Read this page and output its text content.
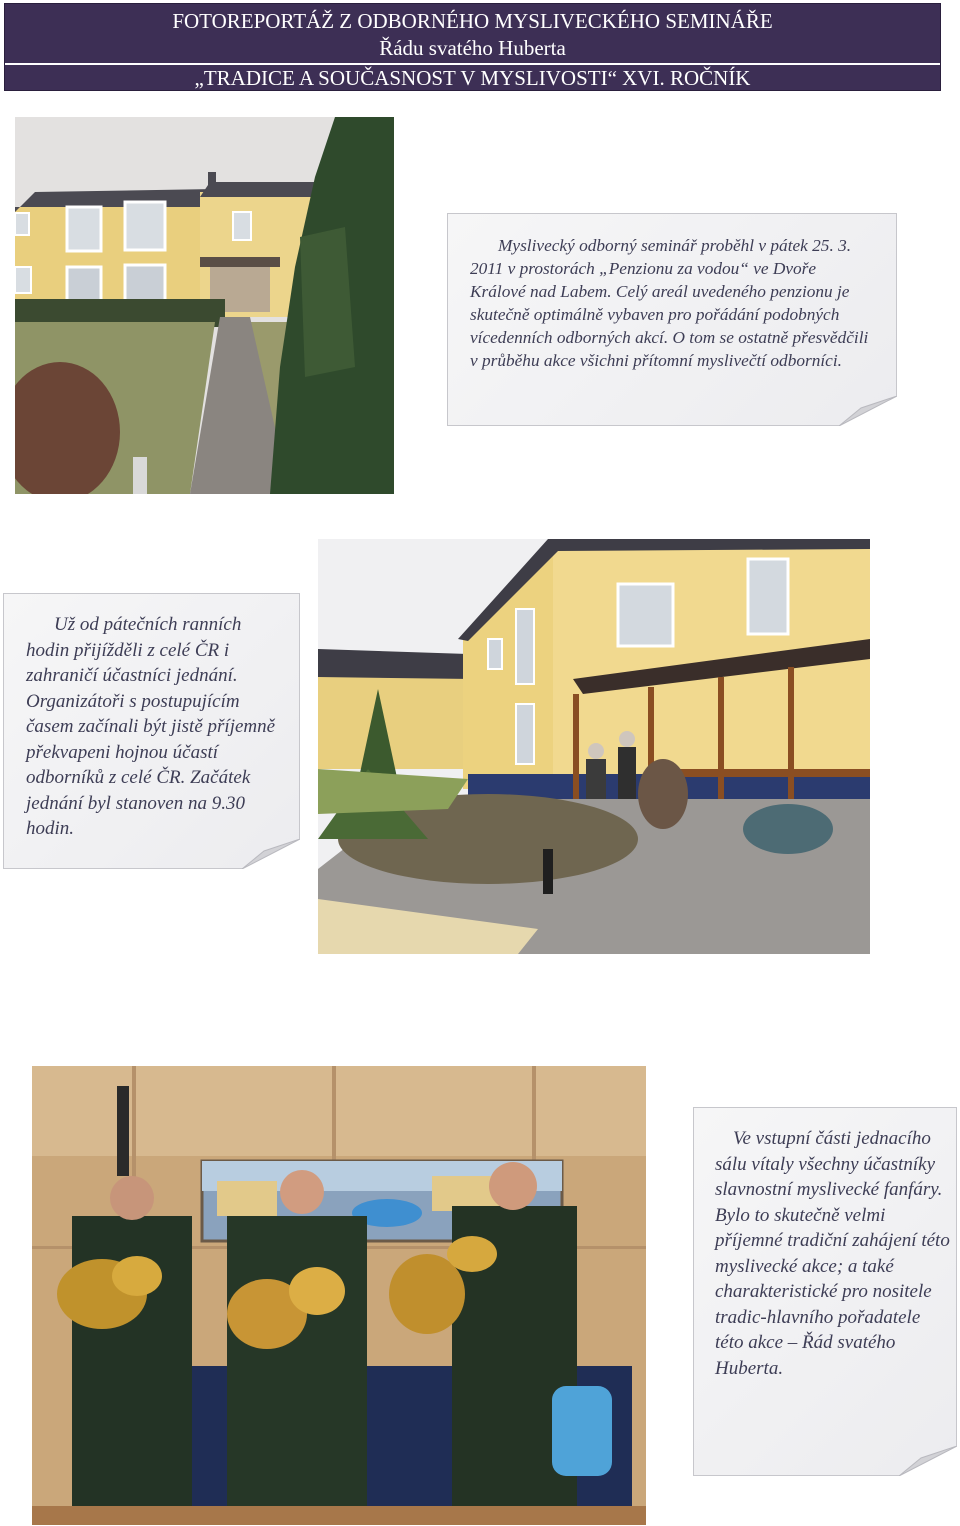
FOTOREPORTÁŽ Z ODBORNÉHO MYSLIVECKÉHO SEMINÁŘE
Řádu svatého Huberta
„TRADICE A SOUČASNOST V MYSLIVOSTI“ XVI. ROČNÍK

Myslivecký odborný seminář proběhl v pátek 25. 3. 2011 v prostorách „Penzionu za vodou“ ve Dvoře Králové nad Labem. Celý areál uvedeného penzionu je skutečně optimálně vybaven pro pořádání podobných vícedenních odborných akcí. O tom se ostatně přesvědčili v průběhu akce všichni přítomní myslivečtí odborníci.

Už od pátečních ranních hodin přijížděli z celé ČR i zahraničí účastníci jednání. Organizátoři s postupujícím časem začínali být jistě příjemně překvapeni hojnou účastí odborníků z celé ČR. Začátek jednání byl stanoven na 9.30 hodin.

Ve vstupní části jednacího sálu vítaly všechny účastníky slavnostní myslivecké fanfáry. Bylo to skutečně velmi příjemné tradiční zahájení této myslivecké akce; a také charakteristické pro nositele tradic-hlavního pořadatele této akce – Řád svatého Huberta.
